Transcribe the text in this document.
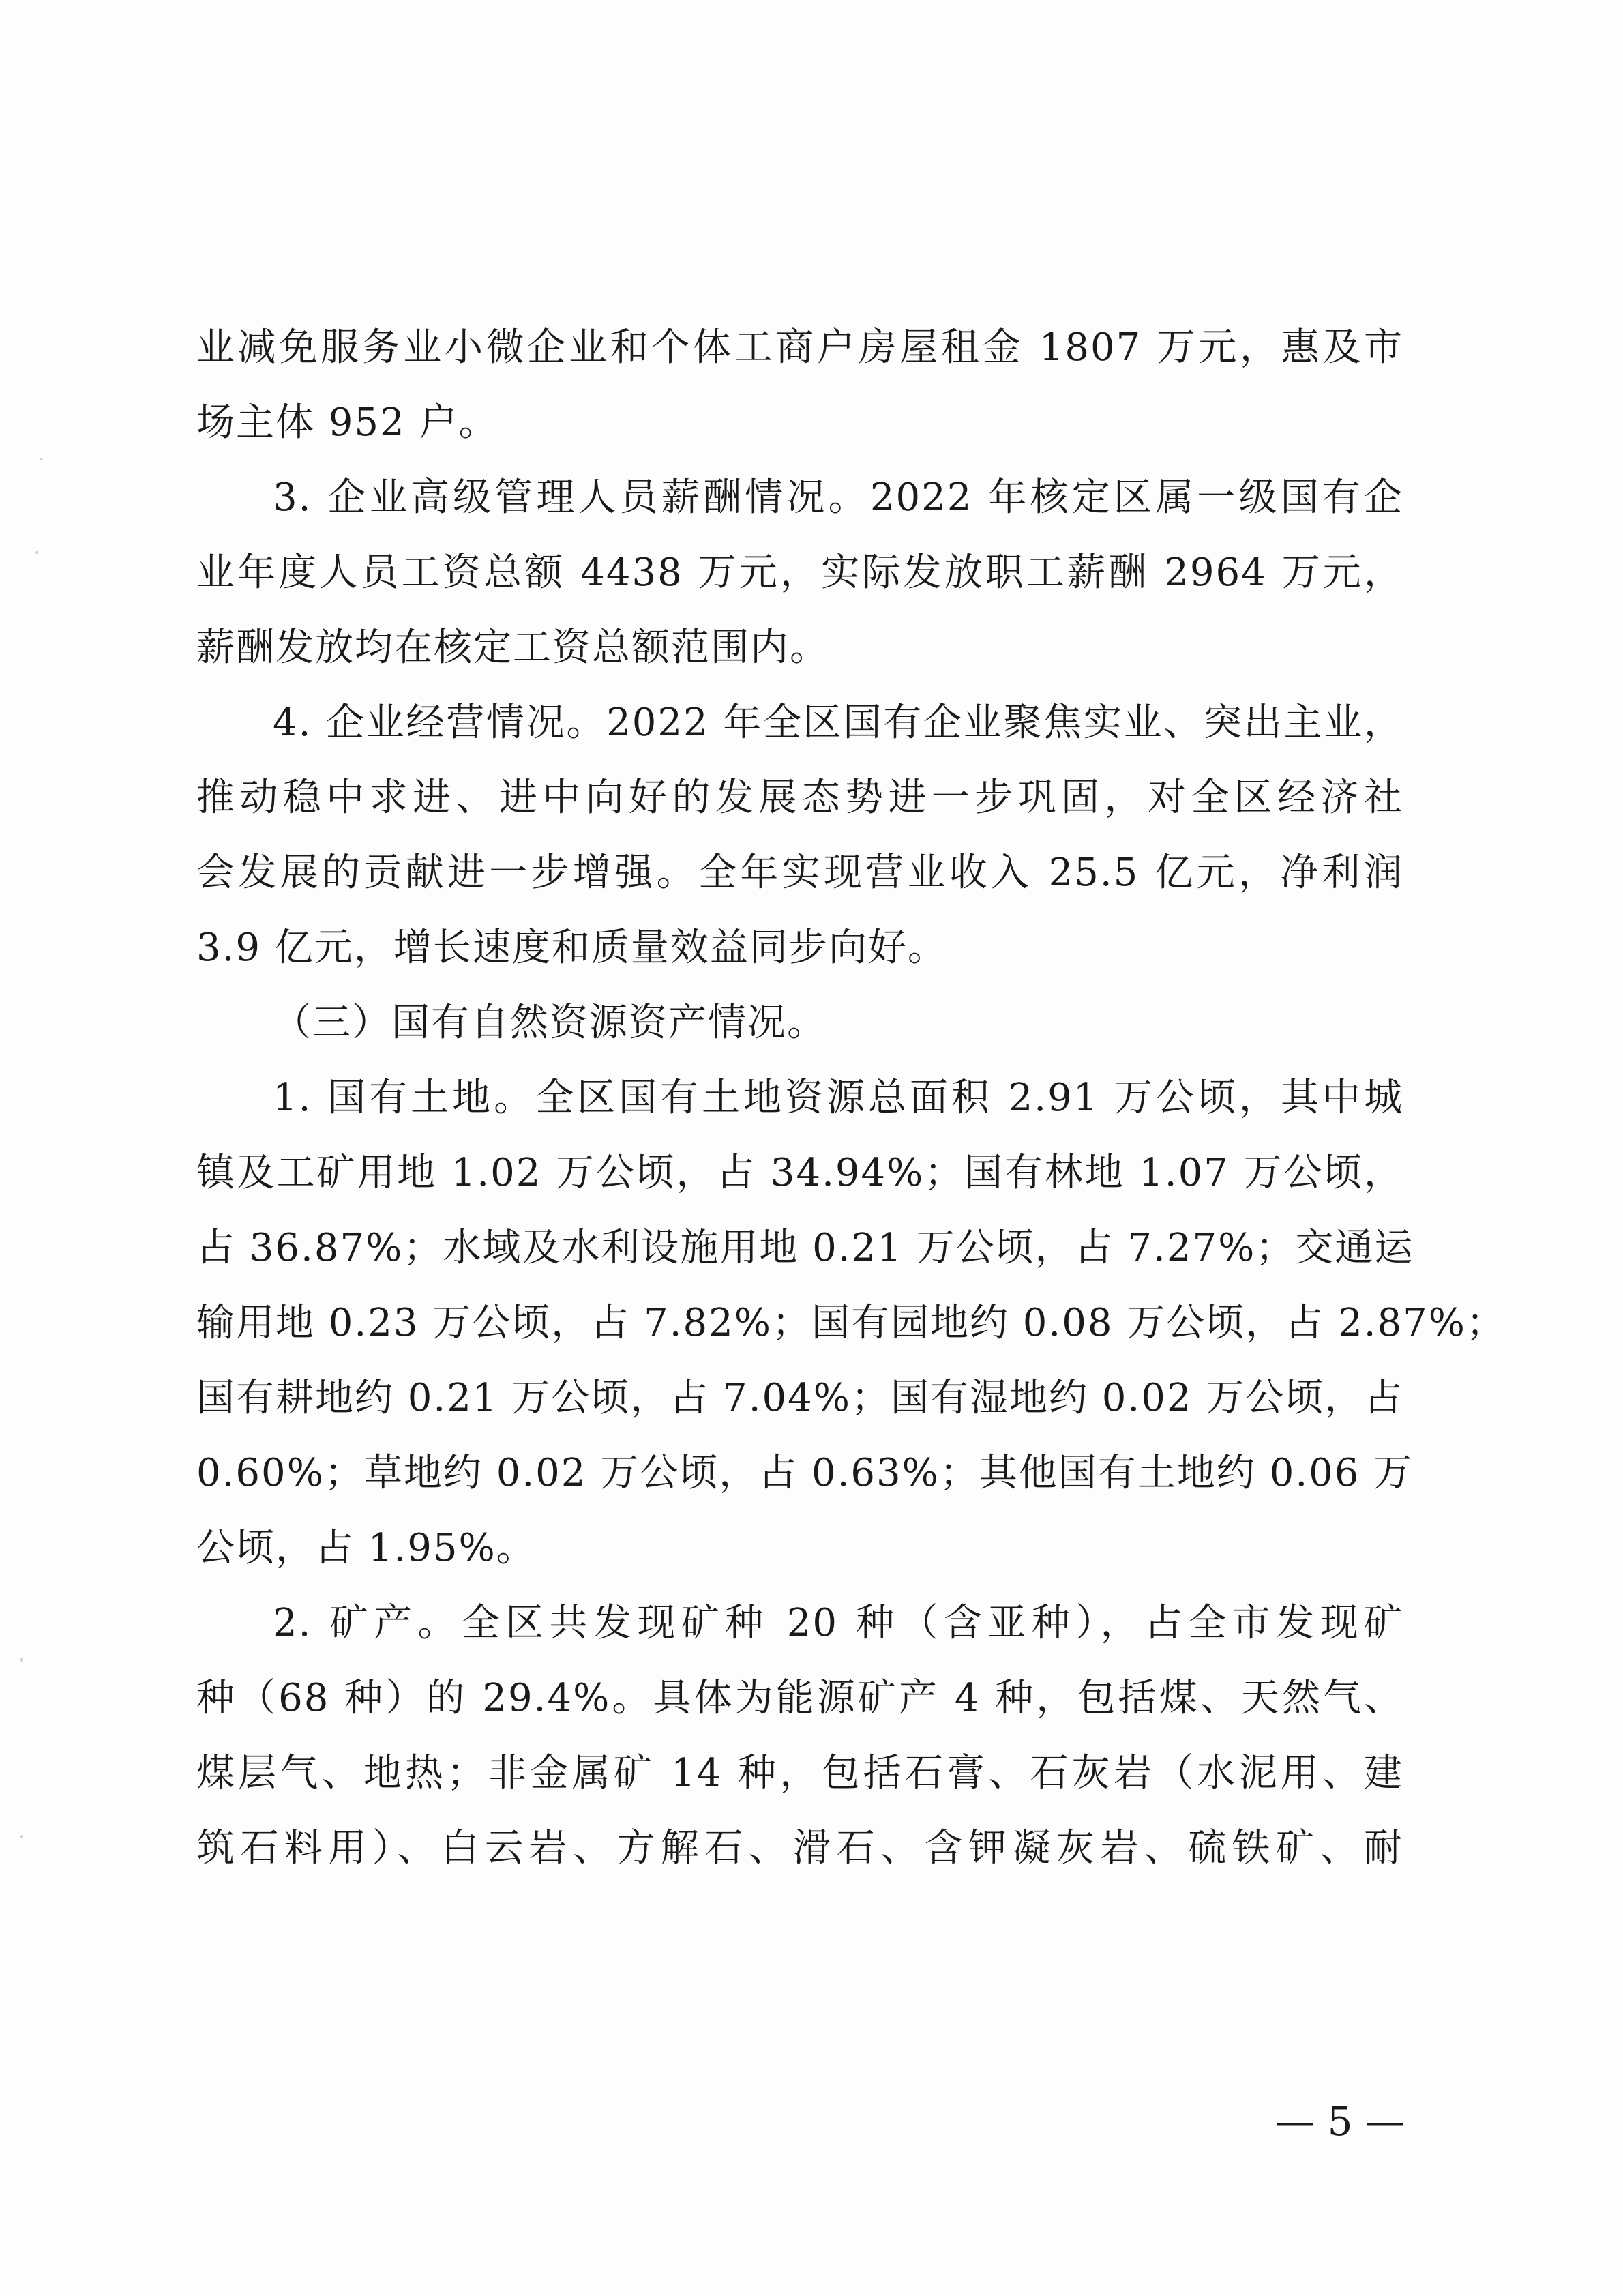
业减免服务业小微企业和个体工商户房屋租金 1807 万元，惠及市
场主体 952 户。
3. 企业高级管理人员薪酬情况。2022 年核定区属一级国有企
业年度人员工资总额 4438 万元，实际发放职工薪酬 2964 万元，
薪酬发放均在核定工资总额范围内。
4. 企业经营情况。2022 年全区国有企业聚焦实业、突出主业，
推动稳中求进、进中向好的发展态势进一步巩固，对全区经济社
会发展的贡献进一步增强。全年实现营业收入 25.5 亿元，净利润
3.9 亿元，增长速度和质量效益同步向好。
（三）国有自然资源资产情况。
1. 国有土地。全区国有土地资源总面积 2.91 万公顷，其中城
镇及工矿用地 1.02 万公顷，占 34.94%；国有林地 1.07 万公顷，
占 36.87%；水域及水利设施用地 0.21 万公顷，占 7.27%；交通运
输用地 0.23 万公顷，占 7.82%；国有园地约 0.08 万公顷，占 2.87%；
国有耕地约 0.21 万公顷，占 7.04%；国有湿地约 0.02 万公顷，占
0.60%；草地约 0.02 万公顷，占 0.63%；其他国有土地约 0.06 万
公顷，占 1.95%。
2. 矿产。全区共发现矿种 20 种（含亚种），占全市发现矿
种（68 种）的 29.4%。具体为能源矿产 4 种，包括煤、天然气、
煤层气、地热；非金属矿 14 种，包括石膏、石灰岩（水泥用、建
筑石料用）、白云岩、方解石、滑石、含钾凝灰岩、硫铁矿、耐
— 5 —
